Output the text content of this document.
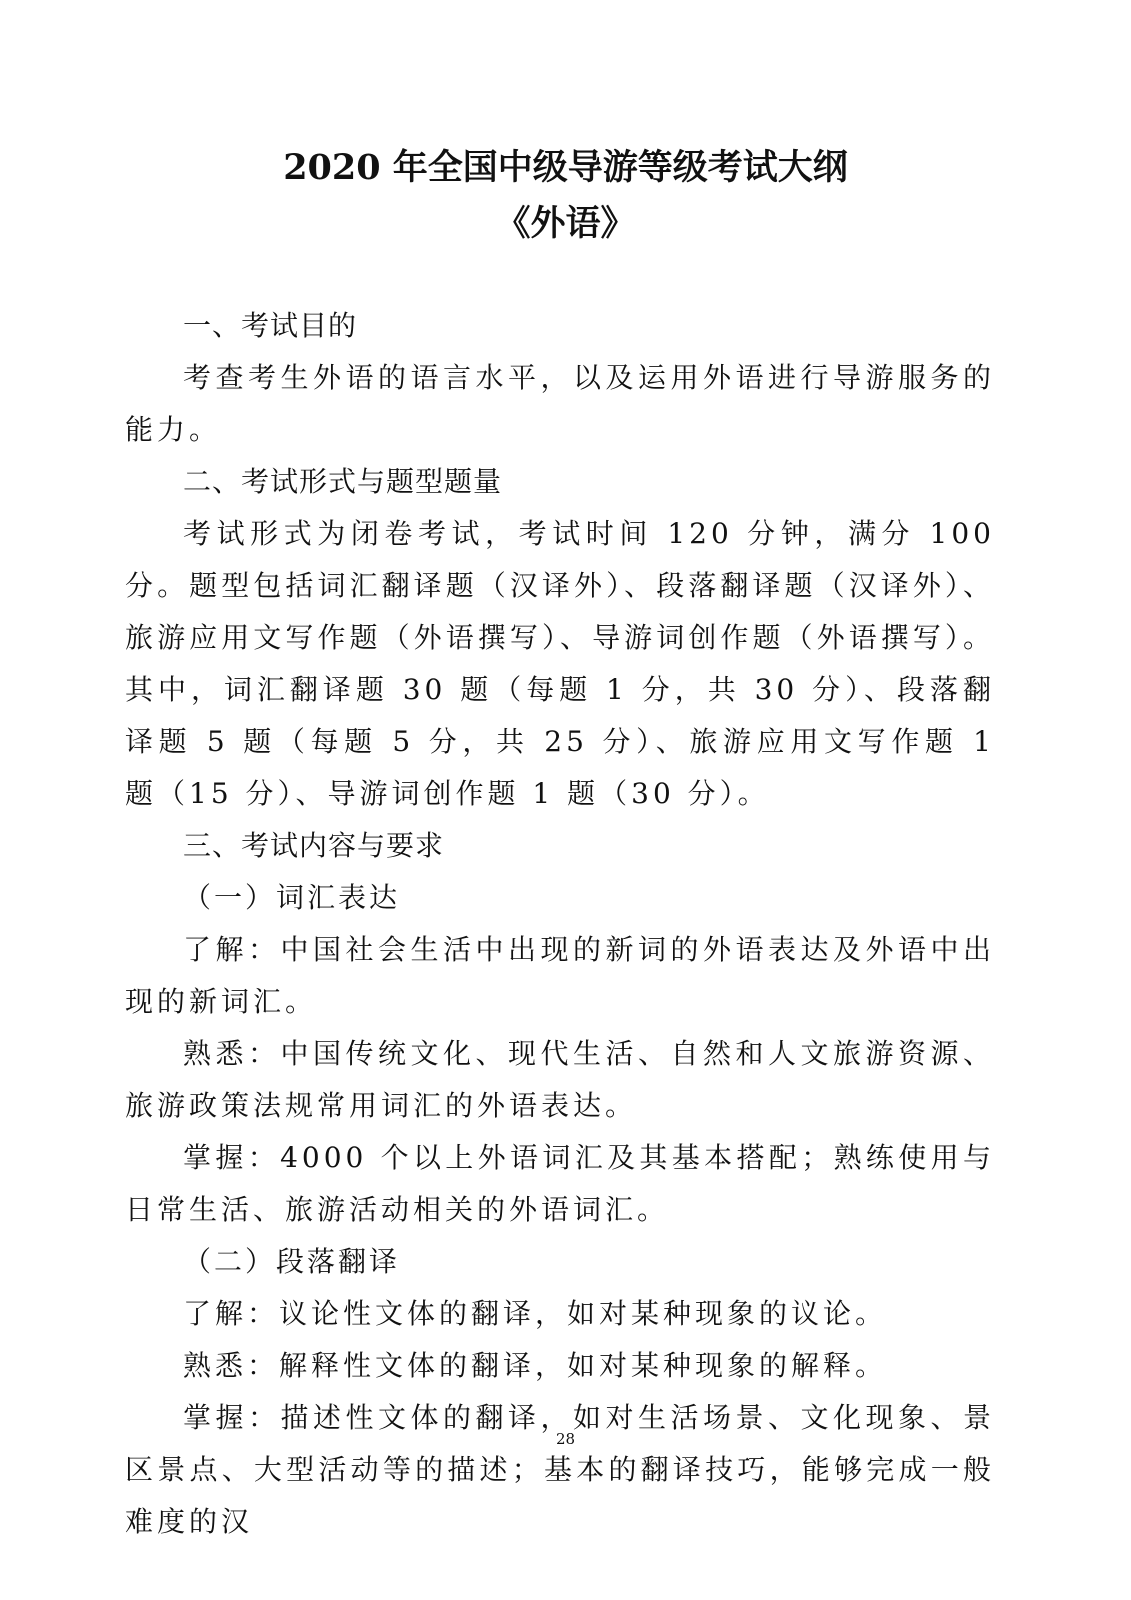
2020 年全国中级导游等级考试大纲
《外语》

一、考试目的

考查考生外语的语言水平，以及运用外语进行导游服务的能力。

二、考试形式与题型题量

考试形式为闭卷考试，考试时间 120 分钟，满分 100 分。题型包括词汇翻译题（汉译外）、段落翻译题（汉译外）、旅游应用文写作题（外语撰写）、导游词创作题（外语撰写）。其中，词汇翻译题 30 题（每题 1 分，共 30 分）、段落翻译题 5 题（每题 5 分，共 25 分）、旅游应用文写作题 1 题（15 分）、导游词创作题 1 题（30 分）。

三、考试内容与要求

（一）词汇表达

了解：中国社会生活中出现的新词的外语表达及外语中出现的新词汇。

熟悉：中国传统文化、现代生活、自然和人文旅游资源、旅游政策法规常用词汇的外语表达。

掌握：4000 个以上外语词汇及其基本搭配；熟练使用与日常生活、旅游活动相关的外语词汇。

（二）段落翻译

了解：议论性文体的翻译，如对某种现象的议论。

熟悉：解释性文体的翻译，如对某种现象的解释。

掌握：描述性文体的翻译，如对生活场景、文化现象、景区景点、大型活动等的描述；基本的翻译技巧，能够完成一般难度的汉

28
